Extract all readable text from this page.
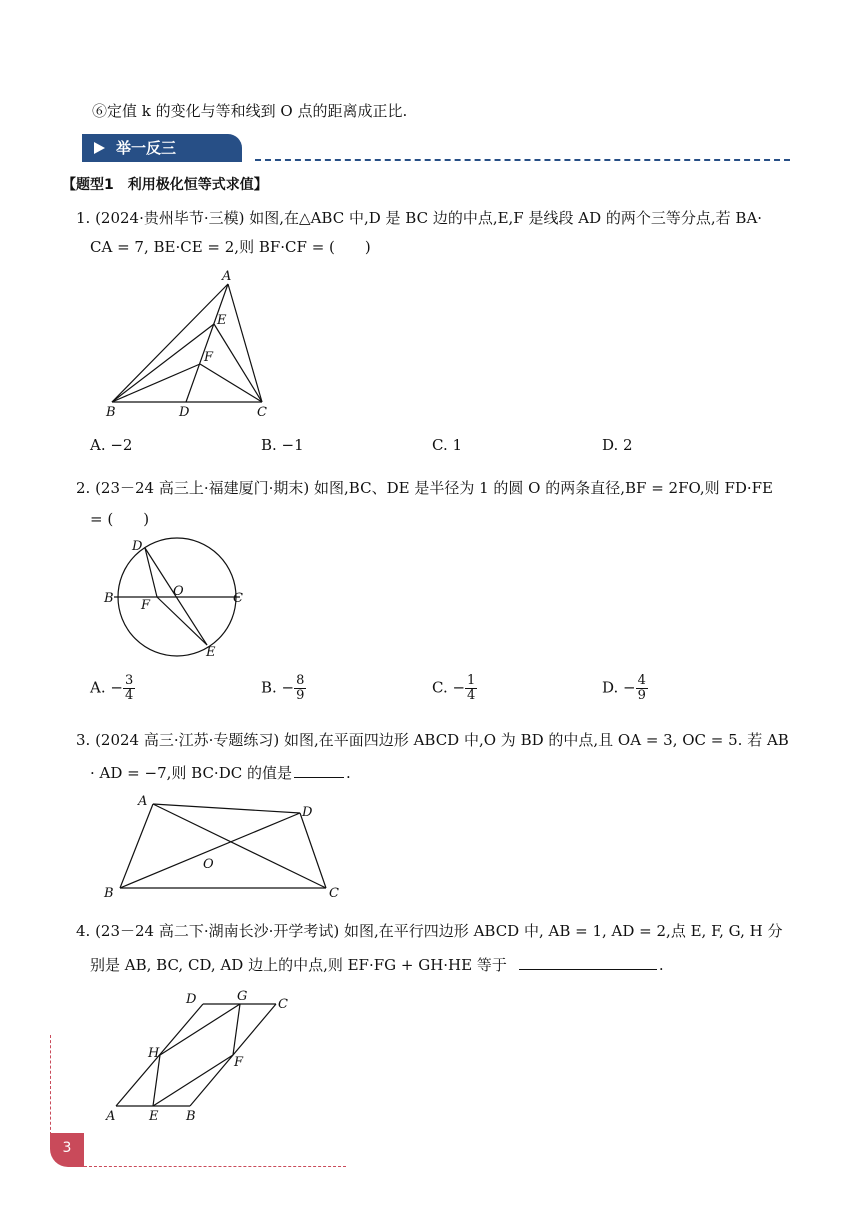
⑥定值 k 的变化与等和线到 O 点的距离成正比.
举一反三
【题型1　利用极化恒等式求值】
1. (2024·贵州毕节·三模) 如图,在△ABC 中,D 是 BC 边的中点,E,F 是线段 AD 的两个三等分点,若 BA·
CA = 7, BE·CE = 2,则 BF·CF = (　　)
A
E
F
B	D	C
A. −2	B. −1	C. 1	D. 2
2. (23－24 高三上·福建厦门·期末) 如图,BC、DE 是半径为 1 的圆 O 的两条直径,BF = 2FO,则 FD·FE
= (　　)
D
O
B F	C
E
A. − $\frac{3}{4}$	B. − $\frac{8}{9}$	C. − $\frac{1}{4}$	D. − $\frac{4}{9}$
3. (2024 高三·江苏·专题练习) 如图,在平面四边形 ABCD 中,O 为 BD 的中点,且 OA = 3, OC = 5. 若 AB
· AD = −7,则 BC·DC 的值是	.
A
D
O
B	C
4. (23－24 高二下·湖南长沙·开学考试) 如图,在平行四边形 ABCD 中, AB = 1, AD = 2,点 E, F, G, H 分
别是 AB, BC, CD, AD 边上的中点,则 EF·FG + GH·HE 等于	.
D	G
C
H
F
A	E B
3
